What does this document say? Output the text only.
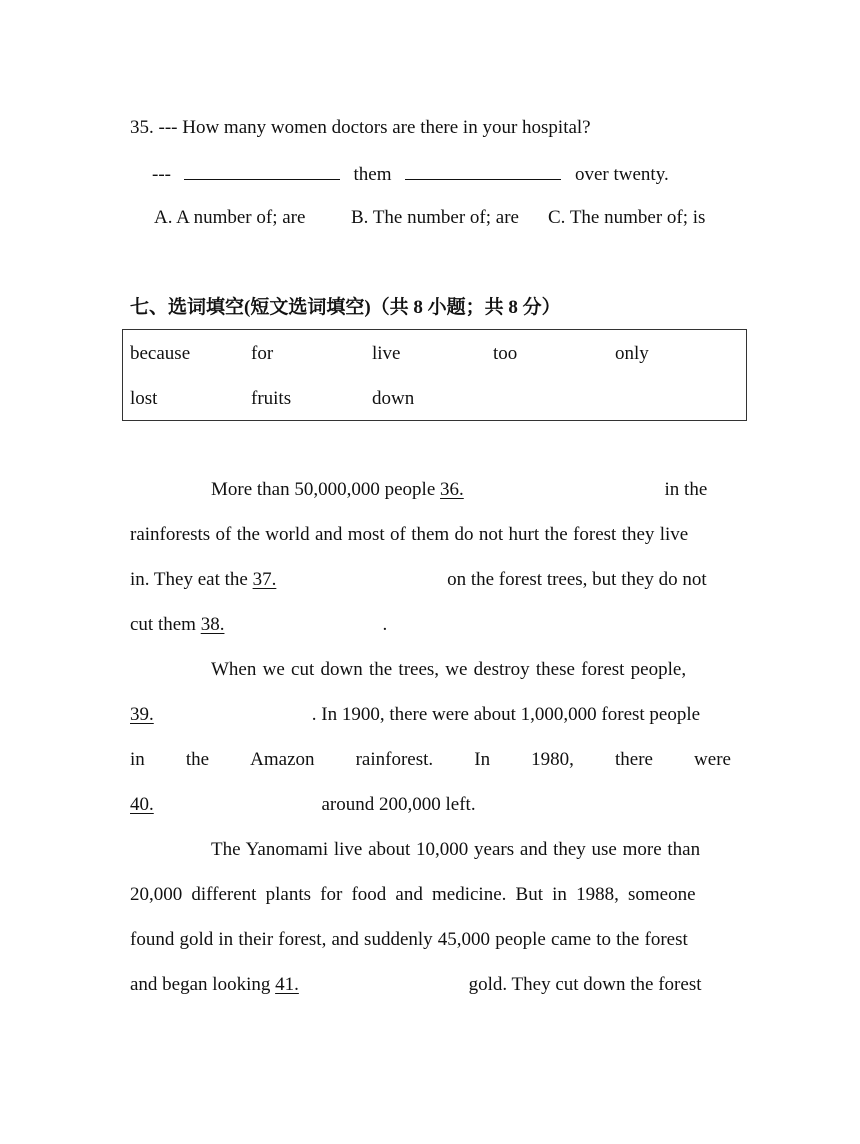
35. --- How many women doctors are there in your hospital?
---	them	over twenty.
A. A number of; are B. The number of; are C. The number of; is
七、选词填空(短文选词填空)（共 8 小题；共 8 分）
because	for	live	too	only
lost	fruits	down
More than 50,000,000 people 36.	in the
rainforests of the world and most of them do not hurt the forest they live
in. They eat the 37.	on the forest trees, but they do not
cut them 38.	.
When we cut down the trees, we destroy these forest people,
39.	. In 1900, there were about 1,000,000 forest people
in the Amazon rainforest. In 1980, there were
40.	around 200,000 left.
The Yanomami live about 10,000 years and they use more than
20,000 different plants for food and medicine. But in 1988, someone
found gold in their forest, and suddenly 45,000 people came to the forest
and began looking 41.	gold. They cut down the forest
